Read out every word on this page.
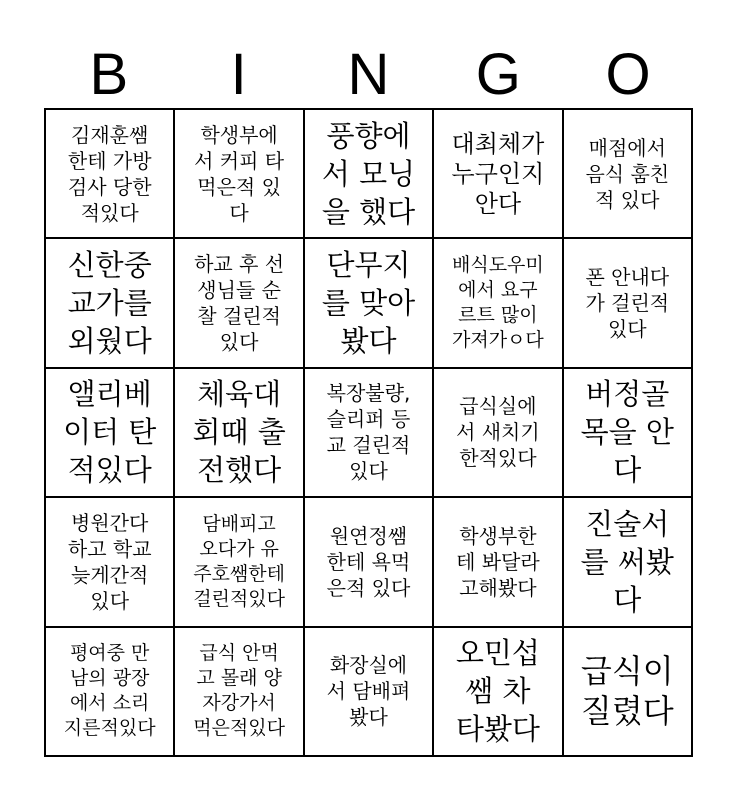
B	I	N	G	O
김재훈쌤
한테 가방
검사 당한
적있다
학생부에
서 커피 타
먹은적 있
다
풍향에
서 모닝
을 했다
대최체가
누구인지
안다
매점에서
음식 훔친
적 있다
신한중
교가를
외웠다
하교 후 선
생님들 순
찰 걸린적
있다
단무지
를 맞아
봤다
배식도우미
에서 요구
르트 많이
가져가ㅇ다
폰 안내다
가 걸린적
있다
앨리베
이터 탄
적있다
체육대
회때 출
전했다
복장불량,
슬리퍼 등
교 걸린적
있다
급식실에
서 새치기
한적있다
버정골
목을 안
다
병원간다
하고 학교
늦게간적
있다
담배피고
오다가 유
주호쌤한테
걸린적있다
원연정쌤
한테 욕먹
은적 있다
학생부한
테 봐달라
고해봤다
진술서
를 써봤
다
평여중 만
남의 광장
에서 소리
지른적있다
급식 안먹
고 몰래 양
자강가서
먹은적있다
화장실에
서 담배펴
봤다
오민섭
쌤 차
타봤다
급식이
질렸다
